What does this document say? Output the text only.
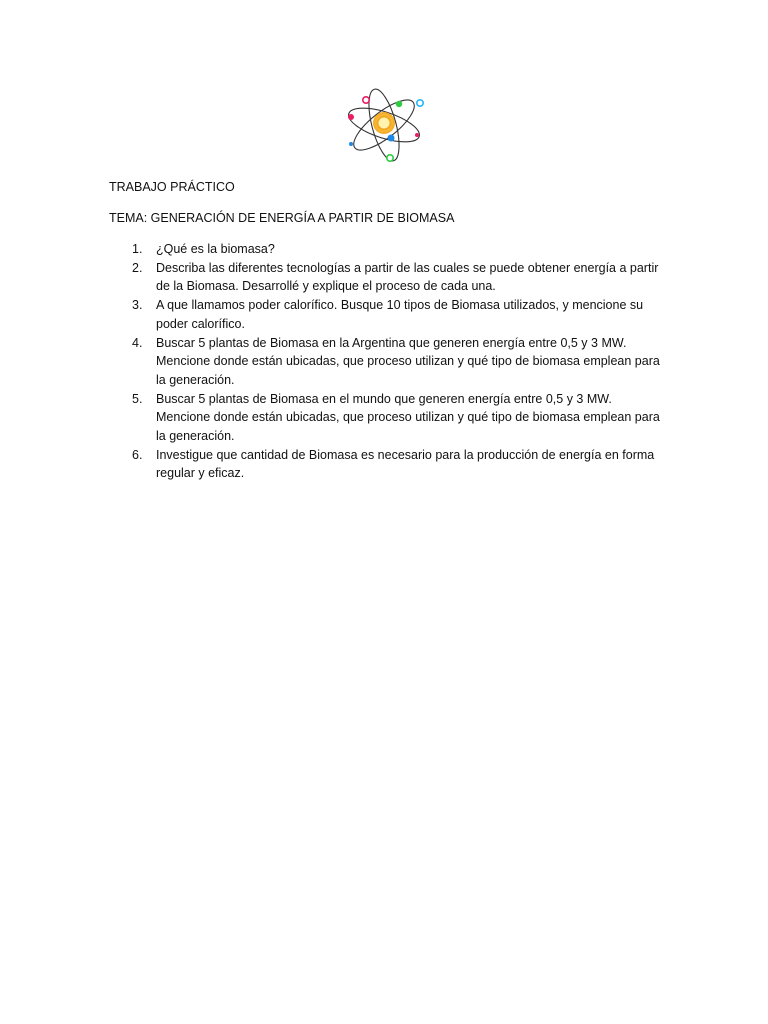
TRABAJO PRÁCTICO
TEMA: GENERACIÓN DE ENERGÍA A PARTIR DE BIOMASA
1. ¿Qué es la biomasa?
2. Describa las diferentes tecnologías a partir de las cuales se puede obtener energía a partir de la Biomasa. Desarrollé y explique el proceso de cada una.
3. A que llamamos poder calorífico. Busque 10 tipos de Biomasa utilizados, y mencione su poder calorífico.
4. Buscar 5 plantas de Biomasa en la Argentina que generen energía entre 0,5 y 3 MW. Mencione donde están ubicadas, que proceso utilizan y qué tipo de biomasa emplean para la generación.
5. Buscar 5 plantas de Biomasa en el mundo que generen energía entre 0,5 y 3 MW. Mencione donde están ubicadas, que proceso utilizan y qué tipo de biomasa emplean para la generación.
6. Investigue que cantidad de Biomasa es necesario para la producción de energía en forma regular y eficaz.
